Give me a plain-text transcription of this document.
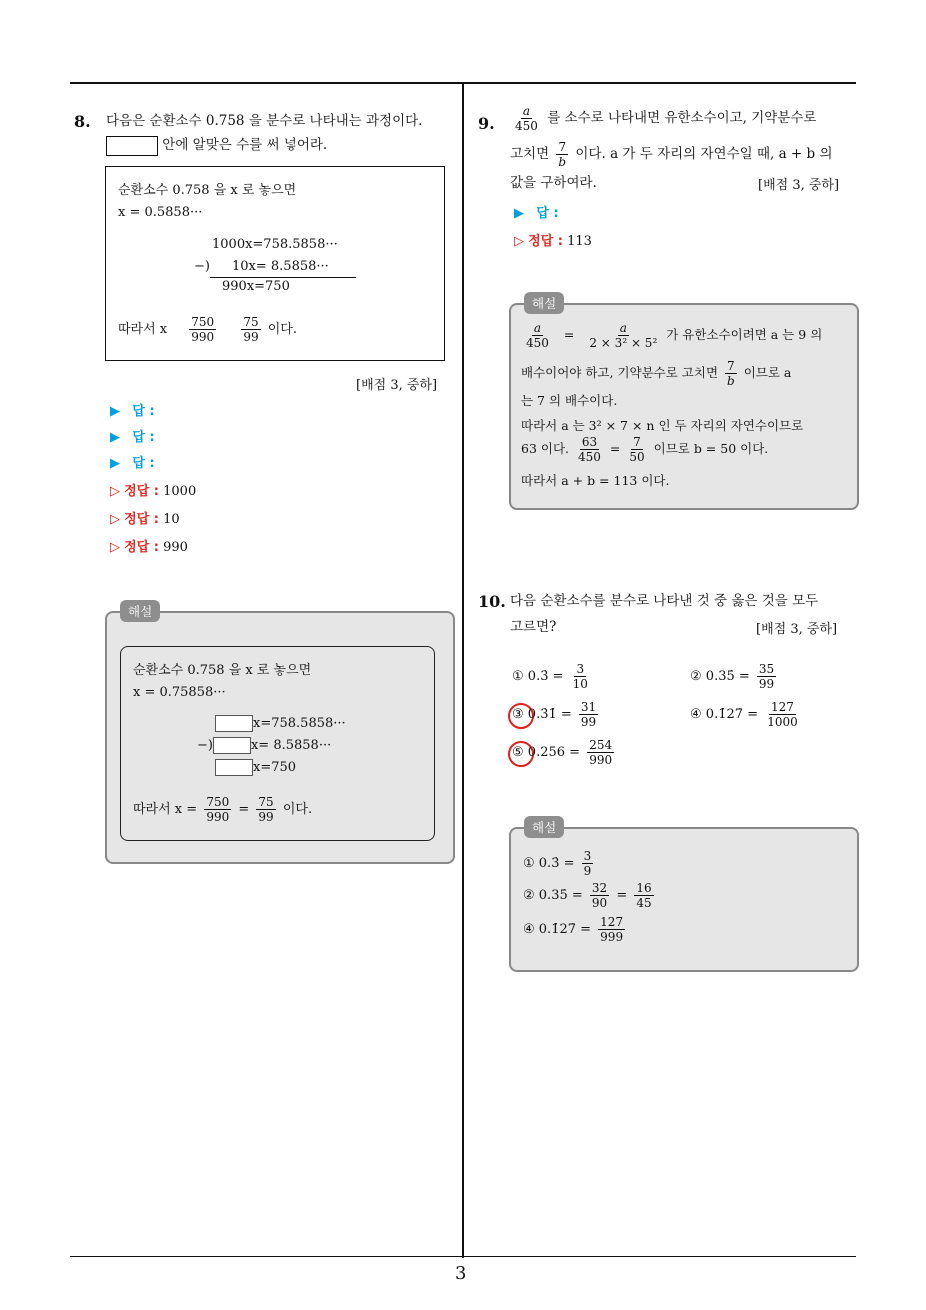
3
8. 다음은 순환소수 0.758 을 분수로 나타내는 과정이다.
안에 알맞은 수를 써 넣어라.
순환소수 0.758 을 x 로 놓으면
x = 0.5858···
1000x=758.5858···
−) 10x= 8.5858···
990x=750
따라서 x $\frac{750}{990}$
$\frac{75}{99}$ 이다.
[배점 3, 중하]
▶ 답 :
▶ 답 :
▶ 답 :
▷ 정답 : 1000
▷ 정답 : 10
▷ 정답 : 990
순환소수 0.758 을 x 로 놓으면
x = 0.75858···
x=758.5858···
−)	x= 8.5858···
x=750
따라서 $x = \frac{750}{990} = \frac{75}{99}$ 이다.
해설
9. $\frac{a}{450}$ 를 소수로 나타내면 유한소수이고, 기약분수로
고치면 $\frac{7}{b}$ 이다. a 가 두 자리의 자연수일 때, a + b 의
값을 구하여라.	[배점 3, 중하]
▶ 답 :
▷ 정답 : 113
$\frac{a}{450} = \frac{a}{\text{2 × 3² × 5²}}$ 가 유한소수이려면 a 는 9 의
배수이어야 하고, 기약분수로 고치면 $\frac{7}{b}$ 이므로 a
는 7 의 배수이다.
따라서 a 는 3² × 7 × n 인 두 자리의 자연수이므로
63 이다. $\frac{63}{450} = \frac{7}{50}$ 이므로 b = 50 이다.
따라서 a + b = 113 이다.
해설
10. 다음 순환소수를 분수로 나타낸 것 중 옳은 것을 모두
고르면?	[배점 3, 중하]
① 0.3̇ = $\frac{3}{10}$	② 0.35̇ = $\frac{35}{99}$
③ 0.3̇1̇ = $\frac{31}{99}$	④ 0.1̇27̇ = $\frac{127}{1000}$
⑤ $0.256 = \frac{254}{990}$
① 0.3̇ = $\frac{3}{9}$
② 0.35̇ = $\frac{32}{90} = \frac{16}{45}$
④ 0.1̇27̇ = $\frac{127}{999}$
해설
